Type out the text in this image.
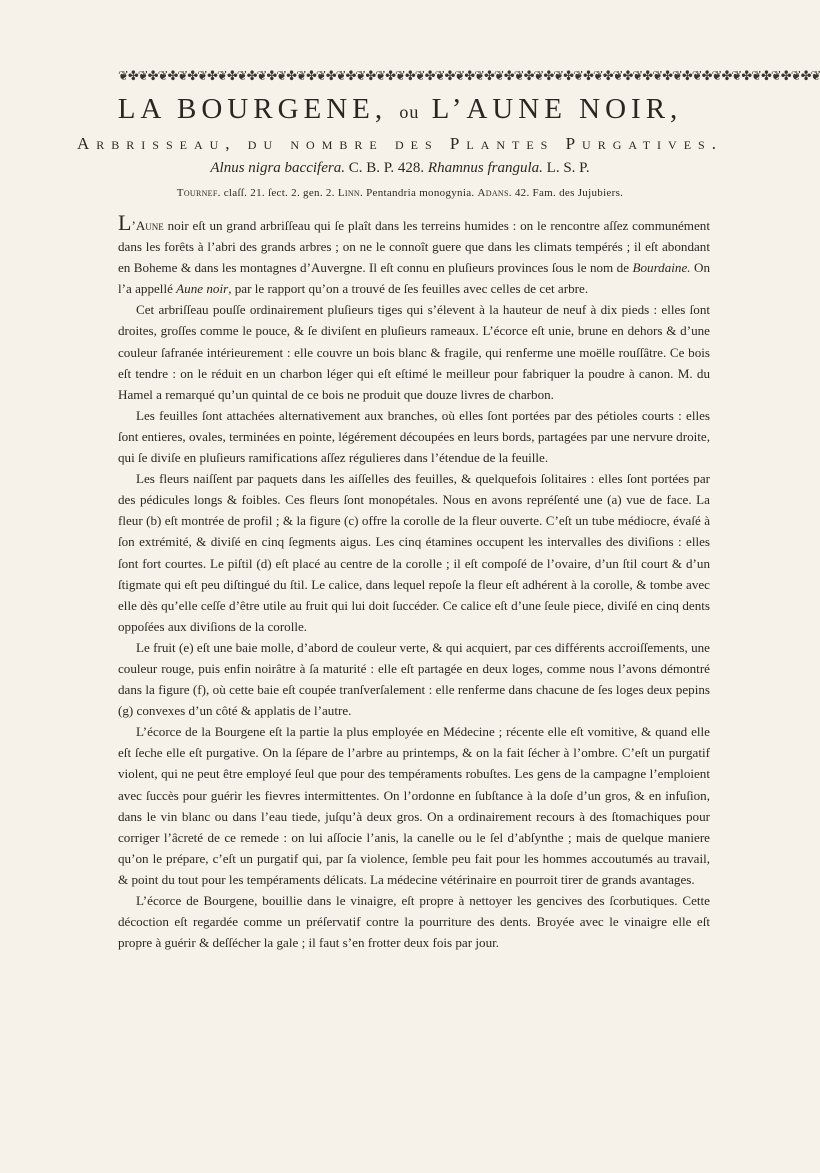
❦✤❦✤❦✤❦✤❦✤❦✤❦✤❦✤❦✤❦✤❦✤❦✤❦✤❦✤❦✤❦✤❦✤❦✤❦✤❦✤❦✤❦✤❦✤❦✤❦✤❦✤❦✤❦✤❦✤❦✤❦✤❦✤❦✤❦✤❦✤❦
LA BOURGENE, ou L’AUNE NOIR,
Arbrisseau, du nombre des Plantes Purgatives.
Alnus nigra baccifera. C. B. P. 428. Rhamnus frangula. L. S. P.
Tournef. claſſ. 21. ſect. 2. gen. 2. Linn. Pentandria monogynia. Adans. 42. Fam. des Jujubiers.

L’Aune noir eſt un grand arbriſſeau qui ſe plaît dans les terreins humides : on le rencontre aſſez communément dans les forêts à l’abri des grands arbres ; on ne le connoît guere que dans les climats tempérés ; il eſt abondant en Boheme & dans les montagnes d’Auvergne. Il eſt connu en pluſieurs provinces ſous le nom de Bourdaine. On l’a appellé Aune noir, par le rapport qu’on a trouvé de ſes feuilles avec celles de cet arbre.

Cet arbriſſeau pouſſe ordinairement pluſieurs tiges qui s’élevent à la hauteur de neuf à dix pieds : elles ſont droites, groſſes comme le pouce, & ſe diviſent en pluſieurs rameaux. L’écorce eſt unie, brune en dehors & d’une couleur ſafranée intérieurement : elle couvre un bois blanc & fragile, qui renferme une moëlle rouſſâtre. Ce bois eſt tendre : on le réduit en un charbon léger qui eſt eſtimé le meilleur pour fabriquer la poudre à canon. M. du Hamel a remarqué qu’un quintal de ce bois ne produit que douze livres de charbon.

Les feuilles ſont attachées alternativement aux branches, où elles ſont portées par des pétioles courts : elles ſont entieres, ovales, terminées en pointe, légérement découpées en leurs bords, partagées par une nervure droite, qui ſe diviſe en pluſieurs ramifications aſſez régulieres dans l’étendue de la feuille.

Les fleurs naiſſent par paquets dans les aiſſelles des feuilles, & quelquefois ſolitaires : elles ſont portées par des pédicules longs & foibles. Ces fleurs ſont monopétales. Nous en avons repréſenté une (a) vue de face. La fleur (b) eſt montrée de profil ; & la figure (c) offre la corolle de la fleur ouverte. C’eſt un tube médiocre, évaſé à ſon extrémité, & diviſé en cinq ſegments aigus. Les cinq étamines occupent les intervalles des diviſions : elles ſont fort courtes. Le piſtil (d) eſt placé au centre de la corolle ; il eſt compoſé de l’ovaire, d’un ſtil court & d’un ſtigmate qui eſt peu diſtingué du ſtil. Le calice, dans lequel repoſe la fleur eſt adhérent à la corolle, & tombe avec elle dès qu’elle ceſſe d’être utile au fruit qui lui doit ſuccéder. Ce calice eſt d’une ſeule piece, diviſé en cinq dents oppoſées aux diviſions de la corolle.

Le fruit (e) eſt une baie molle, d’abord de couleur verte, & qui acquiert, par ces différents accroiſſements, une couleur rouge, puis enfin noirâtre à ſa maturité : elle eſt partagée en deux loges, comme nous l’avons démontré dans la figure (f), où cette baie eſt coupée tranſverſalement : elle renferme dans chacune de ſes loges deux pepins (g) convexes d’un côté & applatis de l’autre.

L’écorce de la Bourgene eſt la partie la plus employée en Médecine ; récente elle eſt vomitive, & quand elle eſt ſeche elle eſt purgative. On la ſépare de l’arbre au printemps, & on la fait ſécher à l’ombre. C’eſt un purgatif violent, qui ne peut être employé ſeul que pour des tempéraments robuſtes. Les gens de la campagne l’emploient avec ſuccès pour guérir les fievres intermittentes. On l’ordonne en ſubſtance à la doſe d’un gros, & en infuſion, dans le vin blanc ou dans l’eau tiede, juſqu’à deux gros. On a ordinairement recours à des ſtomachiques pour corriger l’âcreté de ce remede : on lui aſſocie l’anis, la canelle ou le ſel d’abſynthe ; mais de quelque maniere qu’on le prépare, c’eſt un purgatif qui, par ſa violence, ſemble peu fait pour les hommes accoutumés au travail, & point du tout pour les tempéraments délicats. La médecine vétérinaire en pourroit tirer de grands avantages.

L’écorce de Bourgene, bouillie dans le vinaigre, eſt propre à nettoyer les gencives des ſcorbutiques. Cette décoction eſt regardée comme un préſervatif contre la pourriture des dents. Broyée avec le vinaigre elle eſt propre à guérir & deſſécher la gale ; il faut s’en frotter deux fois par jour.
